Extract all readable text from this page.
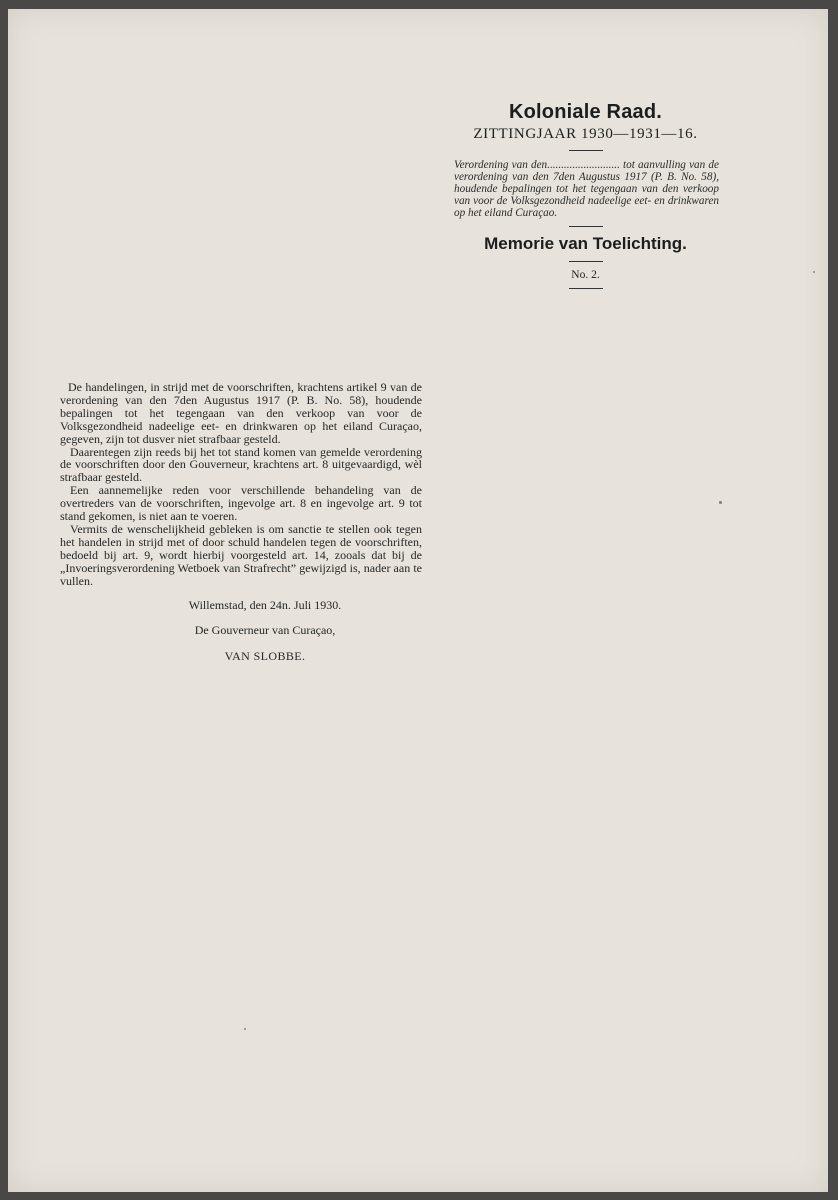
Koloniale Raad.
ZITTINGJAAR 1930—1931—16.
Verordening van den.......................... tot aanvulling van de verordening van den 7den Augustus 1917 (P. B. No. 58), houdende bepalingen tot het tegengaan van den verkoop van voor de Volksgezondheid nadeelige eet- en drinkwaren op het eiland Curaçao.
Memorie van Toelichting.
No. 2.

De handelingen, in strijd met de voorschriften, krachtens artikel 9 van de verordening van den 7den Augustus 1917 (P. B. No. 58), houdende bepalingen tot het tegengaan van den verkoop van voor de Volksgezondheid nadeelige eet- en drinkwaren op het eiland Curaçao, gegeven, zijn tot dusver niet strafbaar gesteld.

Daarentegen zijn reeds bij het tot stand komen van gemelde verordening de voorschriften door den Gouverneur, krachtens art. 8 uitgevaardigd, wèl strafbaar gesteld.

Een aannemelijke reden voor verschillende behandeling van de overtreders van de voorschriften, ingevolge art. 8 en ingevolge art. 9 tot stand gekomen, is niet aan te voeren.

Vermits de wenschelijkheid gebleken is om sanctie te stellen ook tegen het handelen in strijd met of door schuld handelen tegen de voorschriften, bedoeld bij art. 9, wordt hierbij voorgesteld art. 14, zooals dat bij de „Invoeringsverordening Wetboek van Strafrecht” gewijzigd is, nader aan te vullen.

Willemstad, den 24n. Juli 1930.
De Gouverneur van Curaçao,
VAN SLOBBE.
